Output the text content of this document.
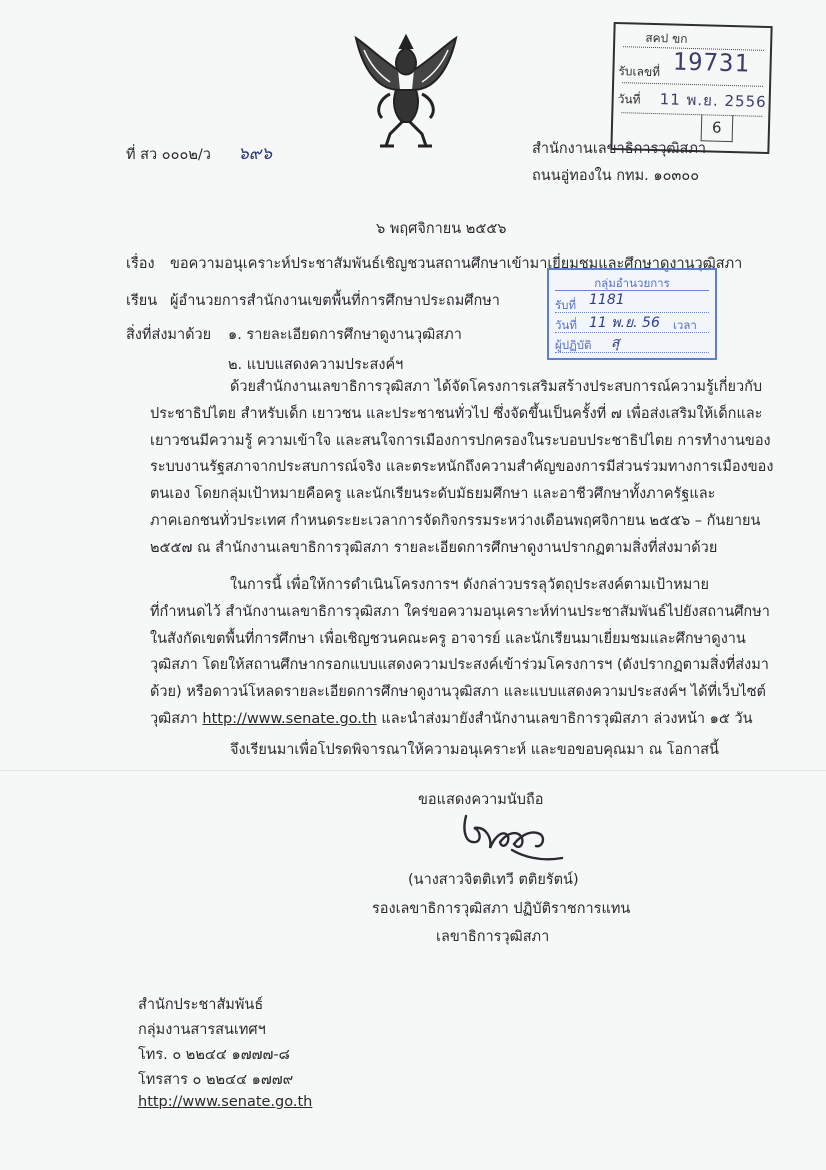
สคป ขก
รับเลขที่ 19731
วันที่ 11 พ.ย. 2556
6
ที่ สว ๐๐๐๒/ว ๖๙๖	สำนักงานเลขาธิการวุฒิสภา
ถนนอู่ทองใน กทม. ๑๐๓๐๐
๖ พฤศจิกายน ๒๕๕๖
เรื่อง ขอความอนุเคราะห์ประชาสัมพันธ์เชิญชวนสถานศึกษาเข้ามาเยี่ยมชมและศึกษาดูงานวุฒิสภา
เรียน ผู้อำนวยการสำนักงานเขตพื้นที่การศึกษาประถมศึกษา
สิ่งที่ส่งมาด้วย ๑. รายละเอียดการศึกษาดูงานวุฒิสภา
๒. แบบแสดงความประสงค์ฯ
กลุ่มอำนวยการ
รับที่ 1181
วันที่ 11 พ.ย. 56 เวลา
ผู้ปฏิบัติ สุ
ด้วยสำนักงานเลขาธิการวุฒิสภา ได้จัดโครงการเสริมสร้างประสบการณ์ความรู้เกี่ยวกับ
ประชาธิปไตย สำหรับเด็ก เยาวชน และประชาชนทั่วไป ซึ่งจัดขึ้นเป็นครั้งที่ ๗ เพื่อส่งเสริมให้เด็กและ
เยาวชนมีความรู้ ความเข้าใจ และสนใจการเมืองการปกครองในระบอบประชาธิปไตย การทำงานของ
ระบบงานรัฐสภาจากประสบการณ์จริง และตระหนักถึงความสำคัญของการมีส่วนร่วมทางการเมืองของ
ตนเอง โดยกลุ่มเป้าหมายคือครู และนักเรียนระดับมัธยมศึกษา และอาชีวศึกษาทั้งภาครัฐและ
ภาคเอกชนทั่วประเทศ กำหนดระยะเวลาการจัดกิจกรรมระหว่างเดือนพฤศจิกายน ๒๕๕๖ – กันยายน
๒๕๕๗ ณ สำนักงานเลขาธิการวุฒิสภา รายละเอียดการศึกษาดูงานปรากฏตามสิ่งที่ส่งมาด้วย
ในการนี้ เพื่อให้การดำเนินโครงการฯ ดังกล่าวบรรลุวัตถุประสงค์ตามเป้าหมาย
ที่กำหนดไว้ สำนักงานเลขาธิการวุฒิสภา ใคร่ขอความอนุเคราะห์ท่านประชาสัมพันธ์ไปยังสถานศึกษา
ในสังกัดเขตพื้นที่การศึกษา เพื่อเชิญชวนคณะครู อาจารย์ และนักเรียนมาเยี่ยมชมและศึกษาดูงาน
วุฒิสภา โดยให้สถานศึกษากรอกแบบแสดงความประสงค์เข้าร่วมโครงการฯ (ดังปรากฏตามสิ่งที่ส่งมา
ด้วย) หรือดาวน์โหลดรายละเอียดการศึกษาดูงานวุฒิสภา และแบบแสดงความประสงค์ฯ ได้ที่เว็บไซต์
วุฒิสภา http://www.senate.go.th และนำส่งมายังสำนักงานเลขาธิการวุฒิสภา ล่วงหน้า ๑๕ วัน
จึงเรียนมาเพื่อโปรดพิจารณาให้ความอนุเคราะห์ และขอขอบคุณมา ณ โอกาสนี้
ขอแสดงความนับถือ
(นางสาวจิตติเทวี ตติยรัตน์)
รองเลขาธิการวุฒิสภา ปฏิบัติราชการแทน
เลขาธิการวุฒิสภา
สำนักประชาสัมพันธ์
กลุ่มงานสารสนเทศฯ
โทร. ๐ ๒๒๔๔ ๑๗๗๗-๘
โทรสาร ๐ ๒๒๔๔ ๑๗๗๙
http://www.senate.go.th
